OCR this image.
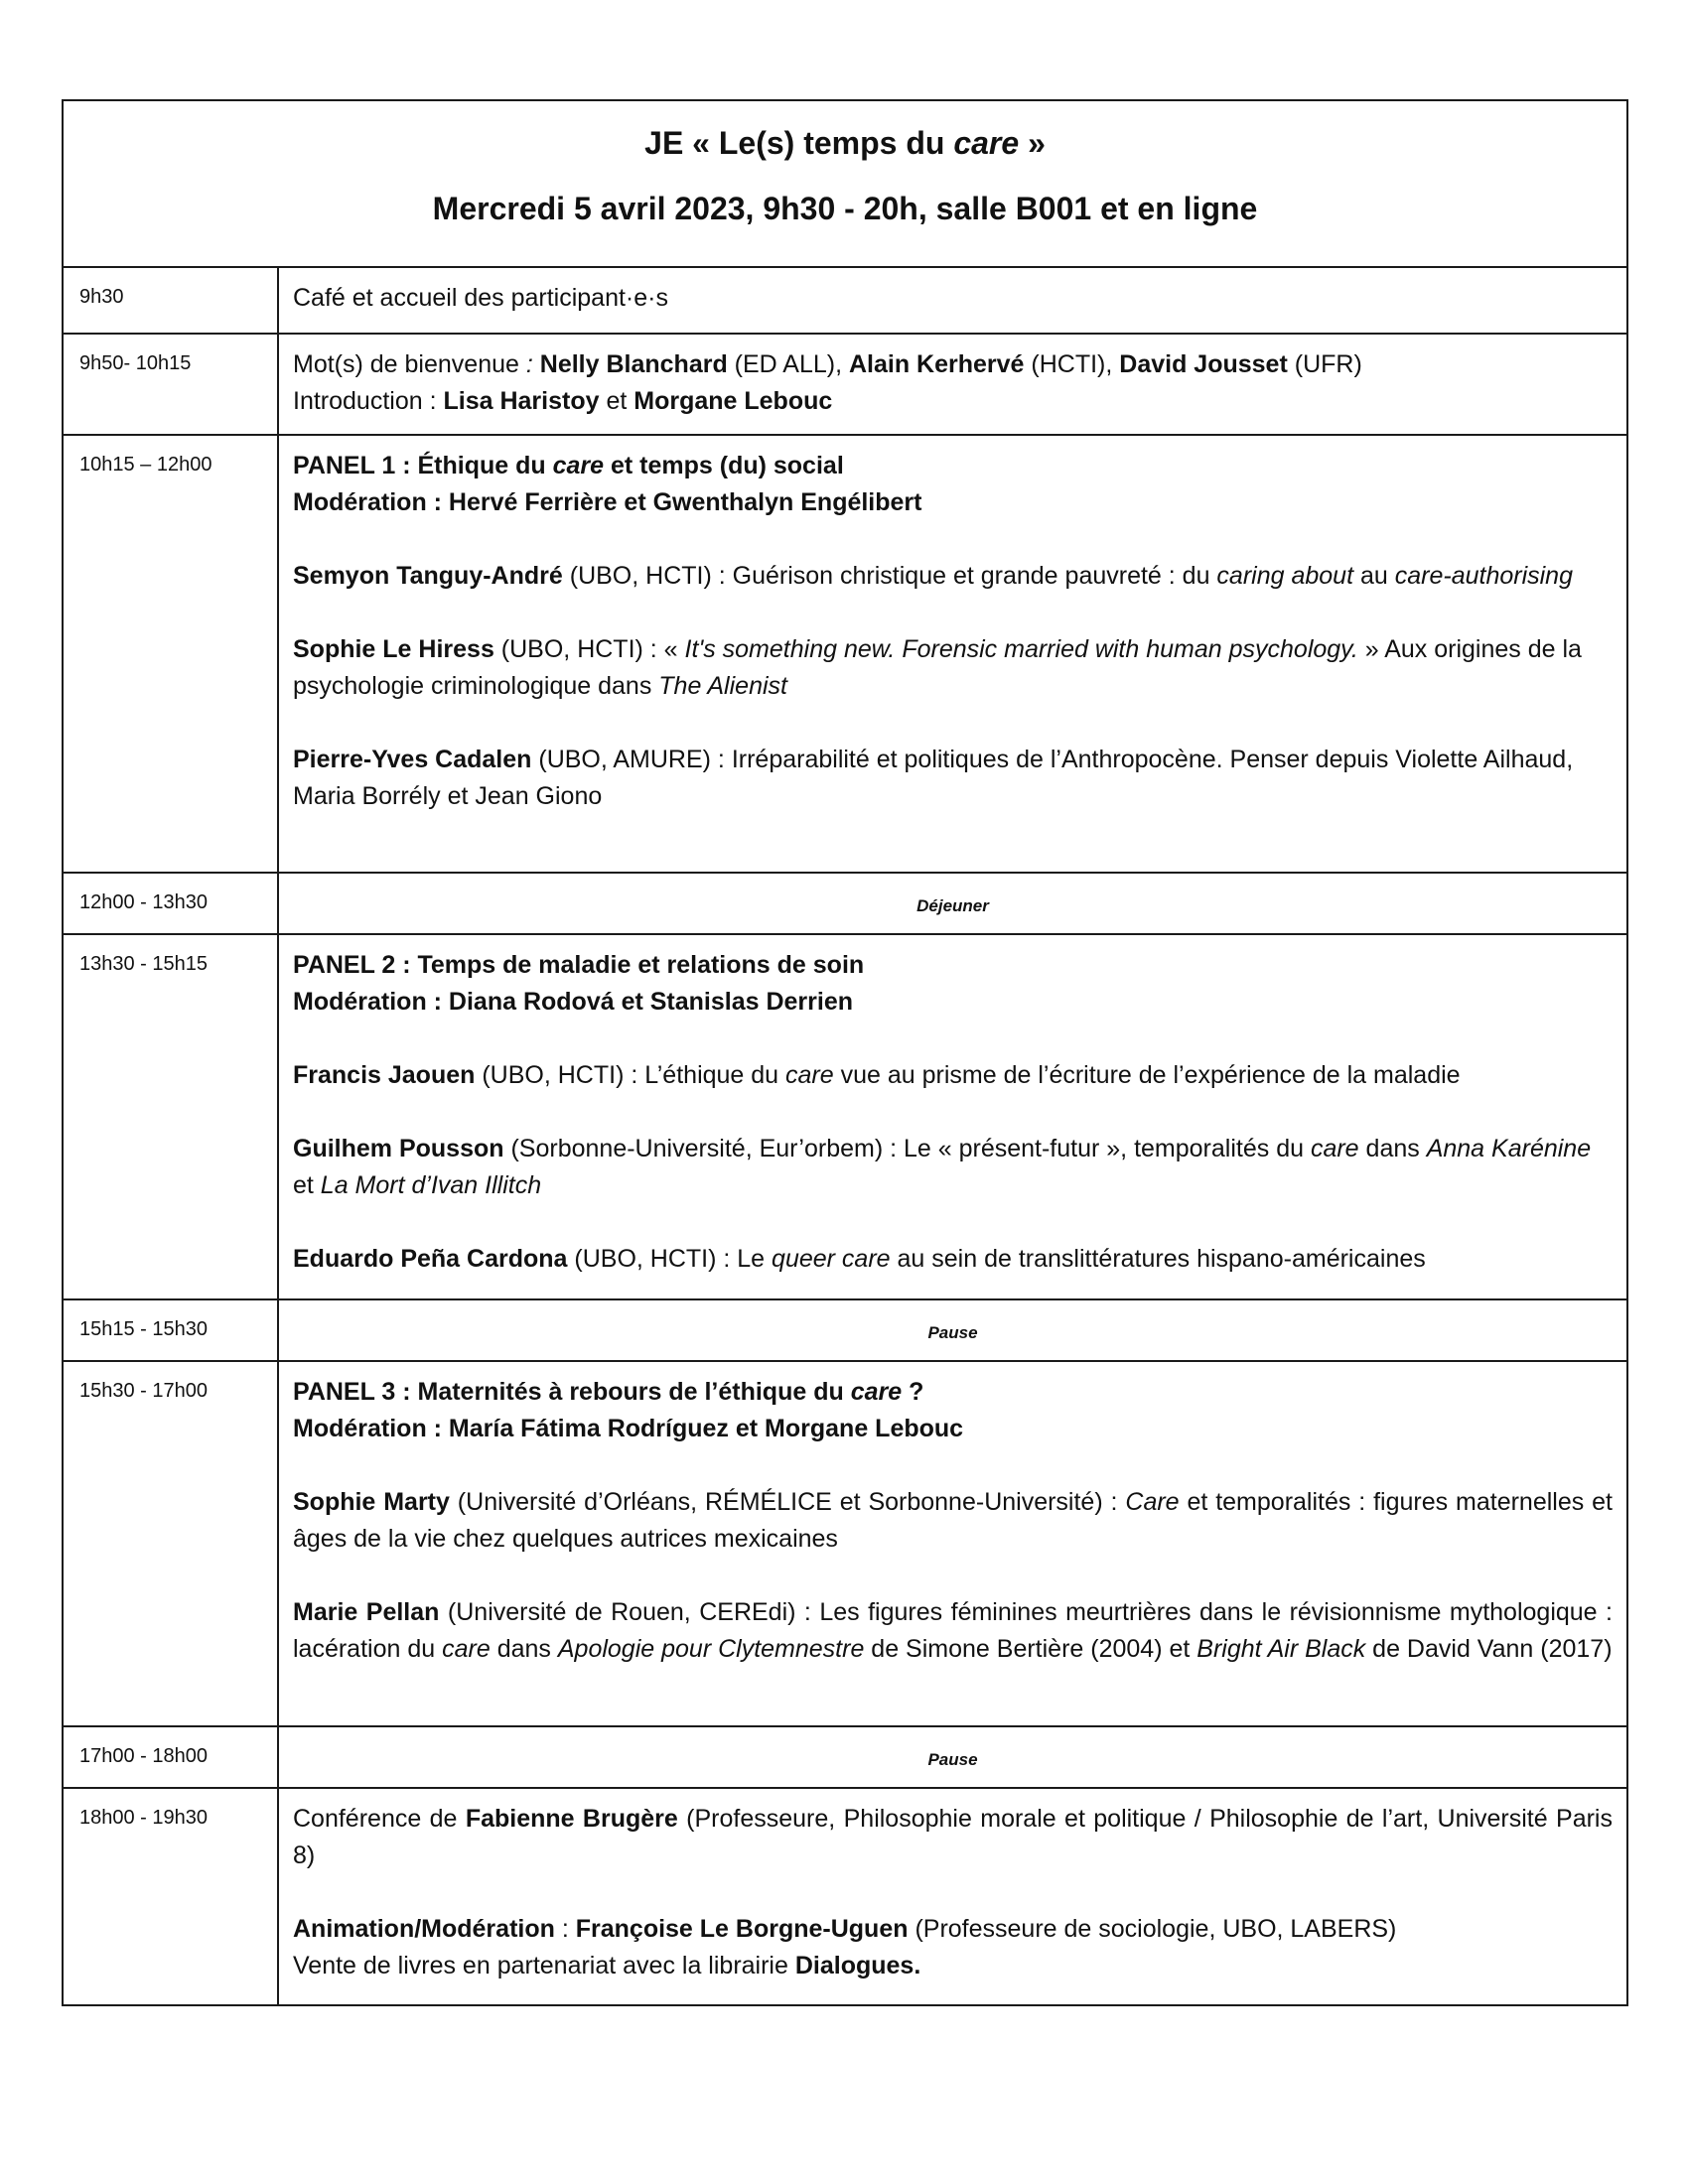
JE « Le(s) temps du care »
Mercredi 5 avril 2023, 9h30 - 20h, salle B001 et en ligne
9h30	Café et accueil des participant·e·s
9h50- 10h15	Mot(s) de bienvenue : Nelly Blanchard (ED ALL), Alain Kerhervé (HCTI), David Jousset (UFR)
Introduction : Lisa Haristoy et Morgane Lebouc

10h15 – 12h00	PANEL 1 : Éthique du care et temps (du) social
Modération : Hervé Ferrière et Gwenthalyn Engélibert
Semyon Tanguy-André (UBO, HCTI) : Guérison christique et grande pauvreté : du caring about au care-authorising
Sophie Le Hiress (UBO, HCTI) : « It's something new. Forensic married with human psychology. » Aux origines de la psychologie criminologique dans The Alienist
Pierre-Yves Cadalen (UBO, AMURE) : Irréparabilité et politiques de l’Anthropocène. Penser depuis Violette Ailhaud, Maria Borrély et Jean Giono

12h00 - 13h30	Déjeuner
13h30 - 15h15	PANEL 2 : Temps de maladie et relations de soin
Modération : Diana Rodová et Stanislas Derrien
Francis Jaouen (UBO, HCTI) : L’éthique du care vue au prisme de l’écriture de l’expérience de la maladie
Guilhem Pousson (Sorbonne-Université, Eur’orbem) : Le « présent-futur », temporalités du care dans Anna Karénine et La Mort d’Ivan Illitch
Eduardo Peña Cardona (UBO, HCTI) : Le queer care au sein de translittératures hispano-américaines

15h15 - 15h30	Pause
15h30 - 17h00	PANEL 3 : Maternités à rebours de l’éthique du care ?
Modération : María Fátima Rodríguez et Morgane Lebouc
Sophie Marty (Université d’Orléans, RÉMÉLICE et Sorbonne-Université) : Care et temporalités : figures maternelles et âges de la vie chez quelques autrices mexicaines
Marie Pellan (Université de Rouen, CEREdi) : Les figures féminines meurtrières dans le révisionnisme mythologique : lacération du care dans Apologie pour Clytemnestre de Simone Bertière (2004) et Bright Air Black de David Vann (2017)

17h00 - 18h00	Pause
18h00 - 19h30	Conférence de Fabienne Brugère (Professeure, Philosophie morale et politique / Philosophie de l’art, Université Paris 8)
Animation/Modération : Françoise Le Borgne-Uguen (Professeure de sociologie, UBO, LABERS)
Vente de livres en partenariat avec la librairie Dialogues.
